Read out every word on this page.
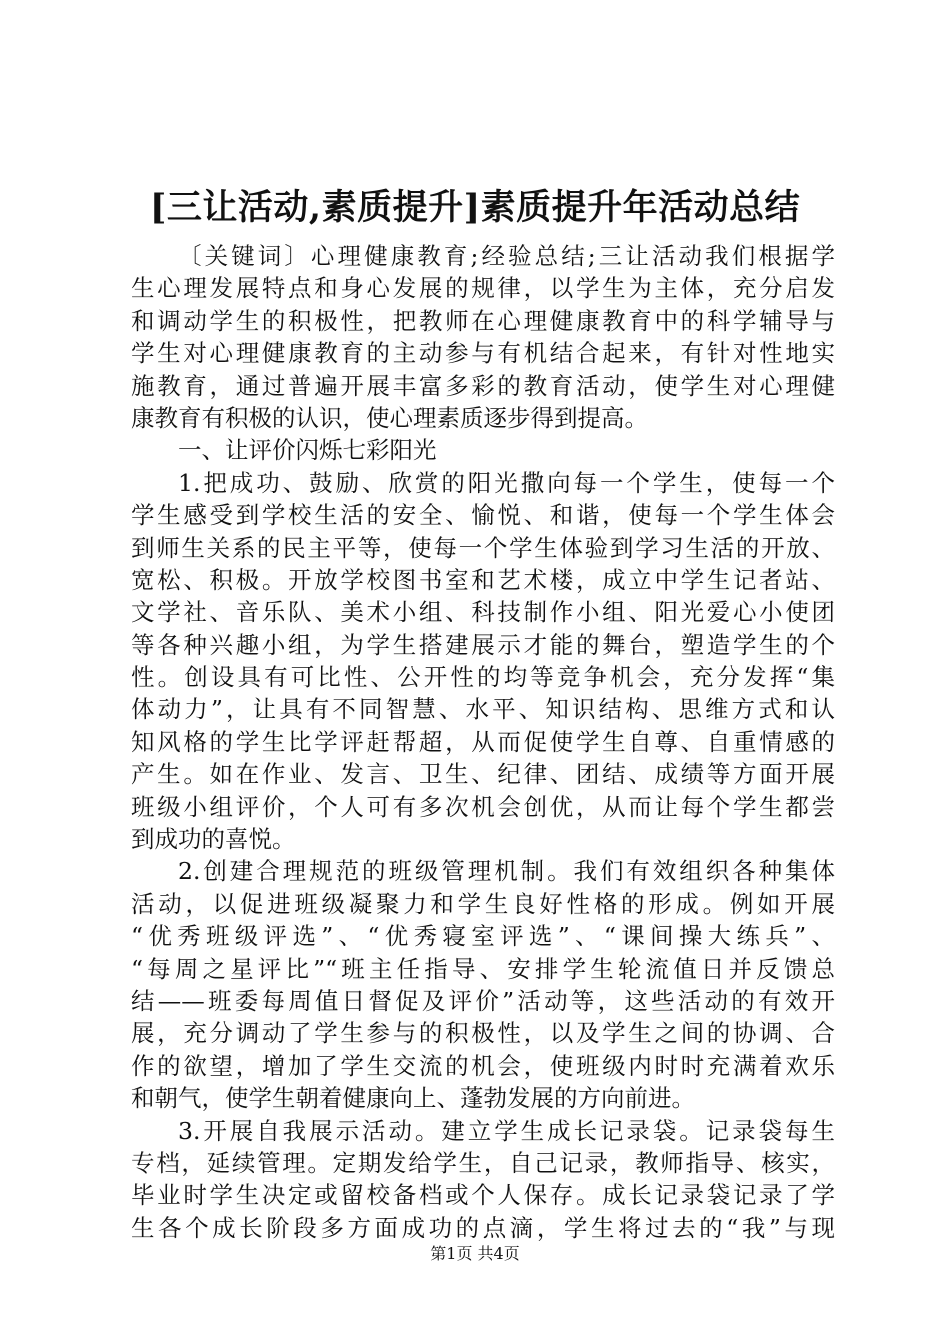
[三让活动,素质提升]素质提升年活动总结
〔关键词〕心理健康教育;经验总结;三让活动我们根据学
生心理发展特点和身心发展的规律，以学生为主体，充分启发
和调动学生的积极性，把教师在心理健康教育中的科学辅导与
学生对心理健康教育的主动参与有机结合起来，有针对性地实
施教育，通过普遍开展丰富多彩的教育活动，使学生对心理健
康教育有积极的认识，使心理素质逐步得到提高。
一、让评价闪烁七彩阳光
1.把成功、鼓励、欣赏的阳光撒向每一个学生，使每一个
学生感受到学校生活的安全、愉悦、和谐，使每一个学生体会
到师生关系的民主平等，使每一个学生体验到学习生活的开放、
宽松、积极。开放学校图书室和艺术楼，成立中学生记者站、
文学社、音乐队、美术小组、科技制作小组、阳光爱心小使团
等各种兴趣小组，为学生搭建展示才能的舞台，塑造学生的个
性。创设具有可比性、公开性的均等竞争机会，充分发挥“集
体动力”，让具有不同智慧、水平、知识结构、思维方式和认
知风格的学生比学评赶帮超，从而促使学生自尊、自重情感的
产生。如在作业、发言、卫生、纪律、团结、成绩等方面开展
班级小组评价，个人可有多次机会创优，从而让每个学生都尝
到成功的喜悦。
2.创建合理规范的班级管理机制。我们有效组织各种集体
活动，以促进班级凝聚力和学生良好性格的形成。例如开展
“优秀班级评选”、“优秀寝室评选”、“课间操大练兵”、
“每周之星评比”“班主任指导、安排学生轮流值日并反馈总
结——班委每周值日督促及评价”活动等，这些活动的有效开
展，充分调动了学生参与的积极性，以及学生之间的协调、合
作的欲望，增加了学生交流的机会，使班级内时时充满着欢乐
和朝气，使学生朝着健康向上、蓬勃发展的方向前进。
3.开展自我展示活动。建立学生成长记录袋。记录袋每生
专档，延续管理。定期发给学生，自己记录，教师指导、核实，
毕业时学生决定或留校备档或个人保存。成长记录袋记录了学
生各个成长阶段多方面成功的点滴，学生将过去的“我”与现
第1页 共4页
